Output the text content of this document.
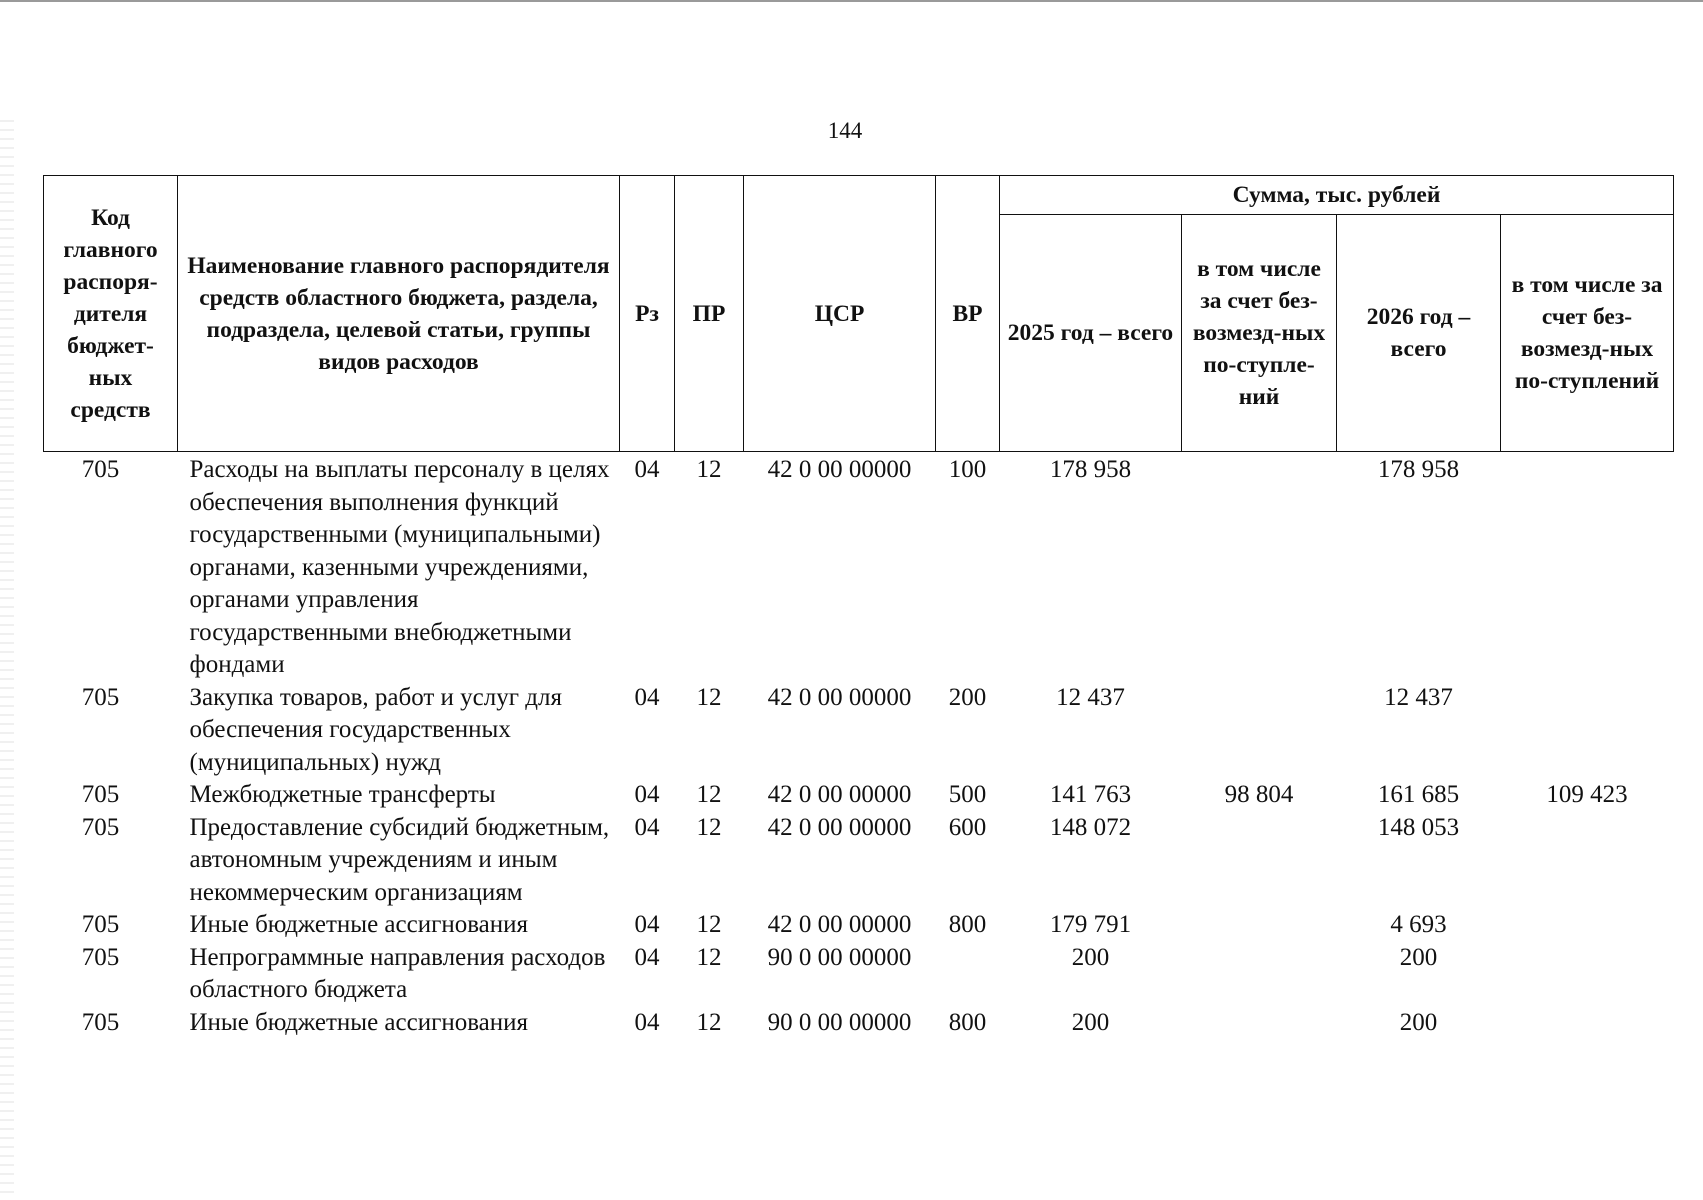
144
Код главного распоря-дителя бюджет-ных средств	Наименование главного распорядителя средств областного бюджета, раздела, подраздела, целевой статьи, группы видов расходов	Рз	ПР	ЦСР	ВР	Сумма, тыс. рублей			
						2025 год – всего	в том числе за счет без-возмезд-ных по-ступле-ний	2026 год – всего	в том числе за счет без-возмезд-ных по-ступлений
705	Расходы на выплаты персоналу в целях обеспечения выполнения функций государственными (муниципальными) органами, казенными учреждениями, органами управления государственными внебюджетными фондами	04	12	42 0 00 00000	100	178 958		178 958	
705	Закупка товаров, работ и услуг для обеспечения государственных (муниципальных) нужд	04	12	42 0 00 00000	200	12 437		12 437	
705	Межбюджетные трансферты	04	12	42 0 00 00000	500	141 763	98 804	161 685	109 423
705	Предоставление субсидий бюджетным, автономным учреждениям и иным некоммерческим организациям	04	12	42 0 00 00000	600	148 072		148 053	
705	Иные бюджетные ассигнования	04	12	42 0 00 00000	800	179 791		4 693	
705	Непрограммные направления расходов областного бюджета	04	12	90 0 00 00000		200		200	
705	Иные бюджетные ассигнования	04	12	90 0 00 00000	800	200		200	
